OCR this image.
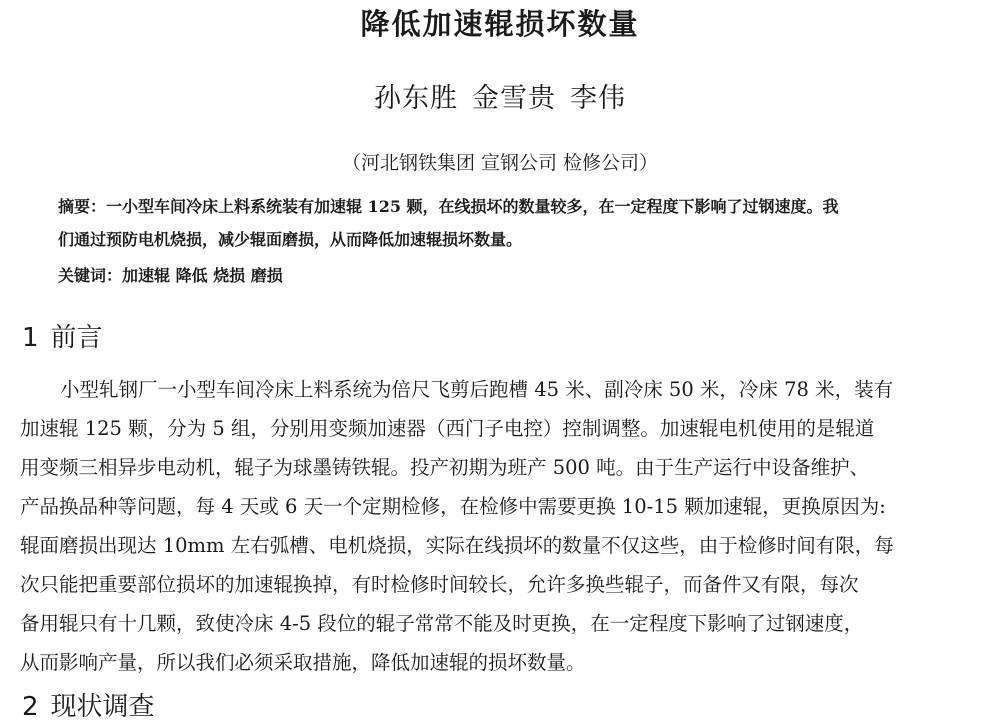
降低加速辊损坏数量
孙东胜 金雪贵 李伟
（河北钢铁集团 宣钢公司 检修公司）
摘要：一小型车间冷床上料系统装有加速辊 125 颗，在线损坏的数量较多，在一定程度下影响了过钢速度。我
们通过预防电机烧损，减少辊面磨损，从而降低加速辊损坏数量。
关键词：加速辊 降低 烧损 磨损
1 前言
小型轧钢厂一小型车间冷床上料系统为倍尺飞剪后跑槽 45 米、副冷床 50 米，冷床 78 米，装有
加速辊 125 颗，分为 5 组，分别用变频加速器（西门子电控）控制调整。加速辊电机使用的是辊道
用变频三相异步电动机，辊子为球墨铸铁辊。投产初期为班产 500 吨。由于生产运行中设备维护、
产品换品种等问题，每 4 天或 6 天一个定期检修，在检修中需要更换 10-15 颗加速辊，更换原因为:
辊面磨损出现达 10mm 左右弧槽、电机烧损，实际在线损坏的数量不仅这些，由于检修时间有限，每
次只能把重要部位损坏的加速辊换掉，有时检修时间较长，允许多换些辊子，而备件又有限，每次
备用辊只有十几颗，致使冷床 4-5 段位的辊子常常不能及时更换，在一定程度下影响了过钢速度，
从而影响产量，所以我们必须采取措施，降低加速辊的损坏数量。
2 现状调查
